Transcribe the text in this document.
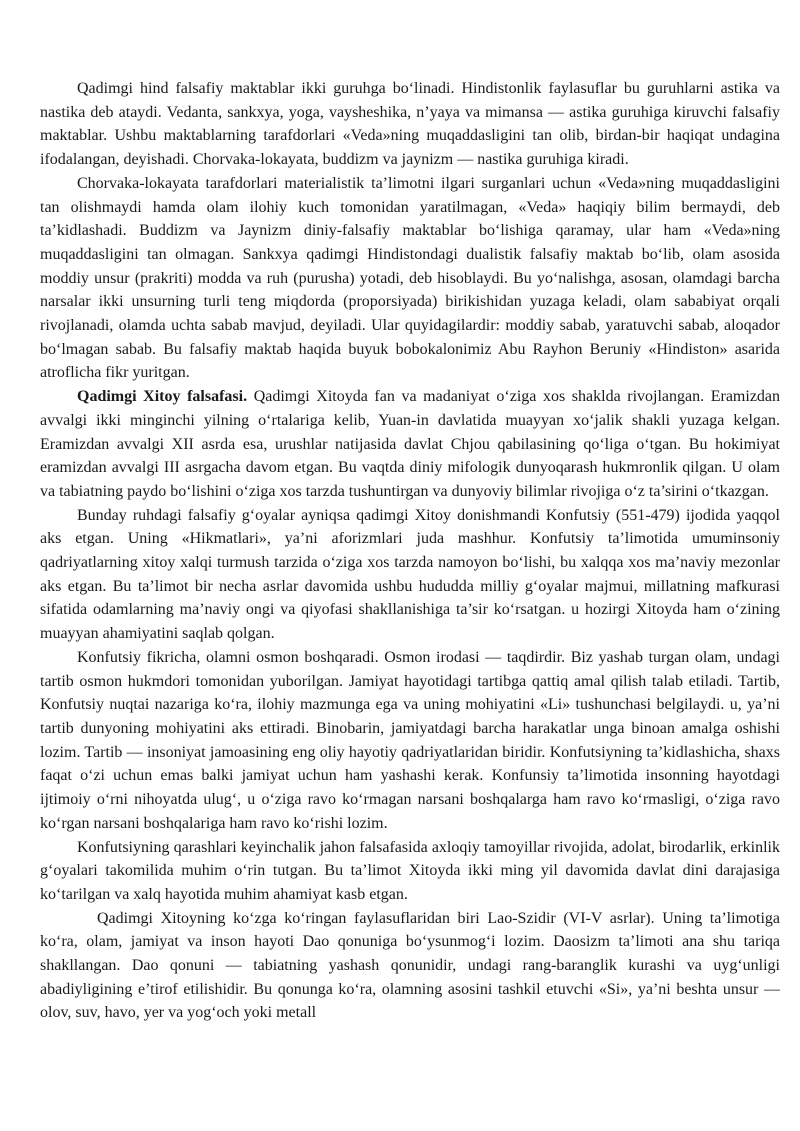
Qadimgi hind falsafiy maktablar ikki guruhga bo‘linadi. Hindistonlik faylasuflar bu guruhlarni astika va nastika deb ataydi. Vedanta, sankxya, yoga, vaysheshika, n’yaya va mimansa — astika guruhiga kiruvchi falsafiy maktablar. Ushbu maktablarning tarafdorlari «Veda»ning muqaddasligini tan olib, birdan-bir haqiqat undagina ifodalangan, deyishadi. Chorvaka-lokayata, buddizm va jaynizm — nastika guruhiga kiradi.

Chorvaka-lokayata tarafdorlari materialistik ta’limotni ilgari surganlari uchun «Veda»ning muqaddasligini tan olishmaydi hamda olam ilohiy kuch tomonidan yaratilmagan, «Veda» haqiqiy bilim bermaydi, deb ta’kidlashadi. Buddizm va Jaynizm diniy-falsafiy maktablar bo‘lishiga qaramay, ular ham «Veda»ning muqaddasligini tan olmagan. Sankxya qadimgi Hindistondagi dualistik falsafiy maktab bo‘lib, olam asosida moddiy unsur (prakriti) modda va ruh (purusha) yotadi, deb hisoblaydi. Bu yo‘nalishga, asosan, olamdagi barcha narsalar ikki unsurning turli teng miqdorda (proporsiyada) birikishidan yuzaga keladi, olam sababiyat orqali rivojlanadi, olamda uchta sabab mavjud, deyiladi. Ular quyidagilardir: moddiy sabab, yaratuvchi sabab, aloqador bo‘lmagan sabab. Bu falsafiy maktab haqida buyuk bobokalonimiz Abu Rayhon Beruniy «Hindiston» asarida atroflicha fikr yuritgan.

Qadimgi Xitoy falsafasi. Qadimgi Xitoyda fan va madaniyat o‘ziga xos shaklda rivojlangan. Eramizdan avvalgi ikki minginchi yilning o‘rtalariga kelib, Yuan-in davlatida muayyan xo‘jalik shakli yuzaga kelgan. Eramizdan avvalgi XII asrda esa, urushlar natijasida davlat Chjou qabilasining qo‘liga o‘tgan. Bu hokimiyat eramizdan avvalgi III asrgacha davom etgan. Bu vaqtda diniy mifologik dunyoqarash hukmronlik qilgan. U olam va tabiatning paydo bo‘lishini o‘ziga xos tarzda tushuntirgan va dunyoviy bilimlar rivojiga o‘z ta’sirini o‘tkazgan.

Bunday ruhdagi falsafiy g‘oyalar ayniqsa qadimgi Xitoy donishmandi Konfutsiy (551-479) ijodida yaqqol aks etgan. Uning «Hikmatlari», ya’ni aforizmlari juda mashhur. Konfutsiy ta’limotida umuminsoniy qadriyatlarning xitoy xalqi turmush tarzida o‘ziga xos tarzda namoyon bo‘lishi, bu xalqqa xos ma’naviy mezonlar aks etgan. Bu ta’limot bir necha asrlar davomida ushbu hududda milliy g‘oyalar majmui, millatning mafkurasi sifatida odamlarning ma’naviy ongi va qiyofasi shakllanishiga ta’sir ko‘rsatgan. u hozirgi Xitoyda ham o‘zining muayyan ahamiyatini saqlab qolgan.

Konfutsiy fikricha, olamni osmon boshqaradi. Osmon irodasi — taqdirdir. Biz yashab turgan olam, undagi tartib osmon hukmdori tomonidan yuborilgan. Jamiyat hayotidagi tartibga qattiq amal qilish talab etiladi. Tartib, Konfutsiy nuqtai nazariga ko‘ra, ilohiy mazmunga ega va uning mohiyatini «Li» tushunchasi belgilaydi. u, ya’ni tartib dunyoning mohiyatini aks ettiradi. Binobarin, jamiyatdagi barcha harakatlar unga binoan amalga oshishi lozim. Tartib — insoniyat jamoasining eng oliy hayotiy qadriyatlaridan biridir. Konfutsiyning ta’kidlashicha, shaxs faqat o‘zi uchun emas balki jamiyat uchun ham yashashi kerak. Konfunsiy ta’limotida insonning hayotdagi ijtimoiy o‘rni nihoyatda ulug‘, u o‘ziga ravo ko‘rmagan narsani boshqalarga ham ravo ko‘rmasligi, o‘ziga ravo ko‘rgan narsani boshqalariga ham ravo ko‘rishi lozim.

Konfutsiyning qarashlari keyinchalik jahon falsafasida axloqiy tamoyillar rivojida, adolat, birodarlik, erkinlik g‘oyalari takomilida muhim o‘rin tutgan. Bu ta’limot Xitoyda ikki ming yil davomida davlat dini darajasiga ko‘tarilgan va xalq hayotida muhim ahamiyat kasb etgan.

Qadimgi Xitoyning ko‘zga ko‘ringan faylasuflaridan biri Lao-Szidir (VI-V asrlar). Uning ta’limotiga ko‘ra, olam, jamiyat va inson hayoti Dao qonuniga bo‘ysunmog‘i lozim. Daosizm ta’limoti ana shu tariqa shakllangan. Dao qonuni — tabiatning yashash qonunidir, undagi rang-baranglik kurashi va uyg‘unligi abadiyligining e’tirof etilishidir. Bu qonunga ko‘ra, olamning asosini tashkil etuvchi «Si», ya’ni beshta unsur — olov, suv, havo, yer va yog‘och yoki metall
